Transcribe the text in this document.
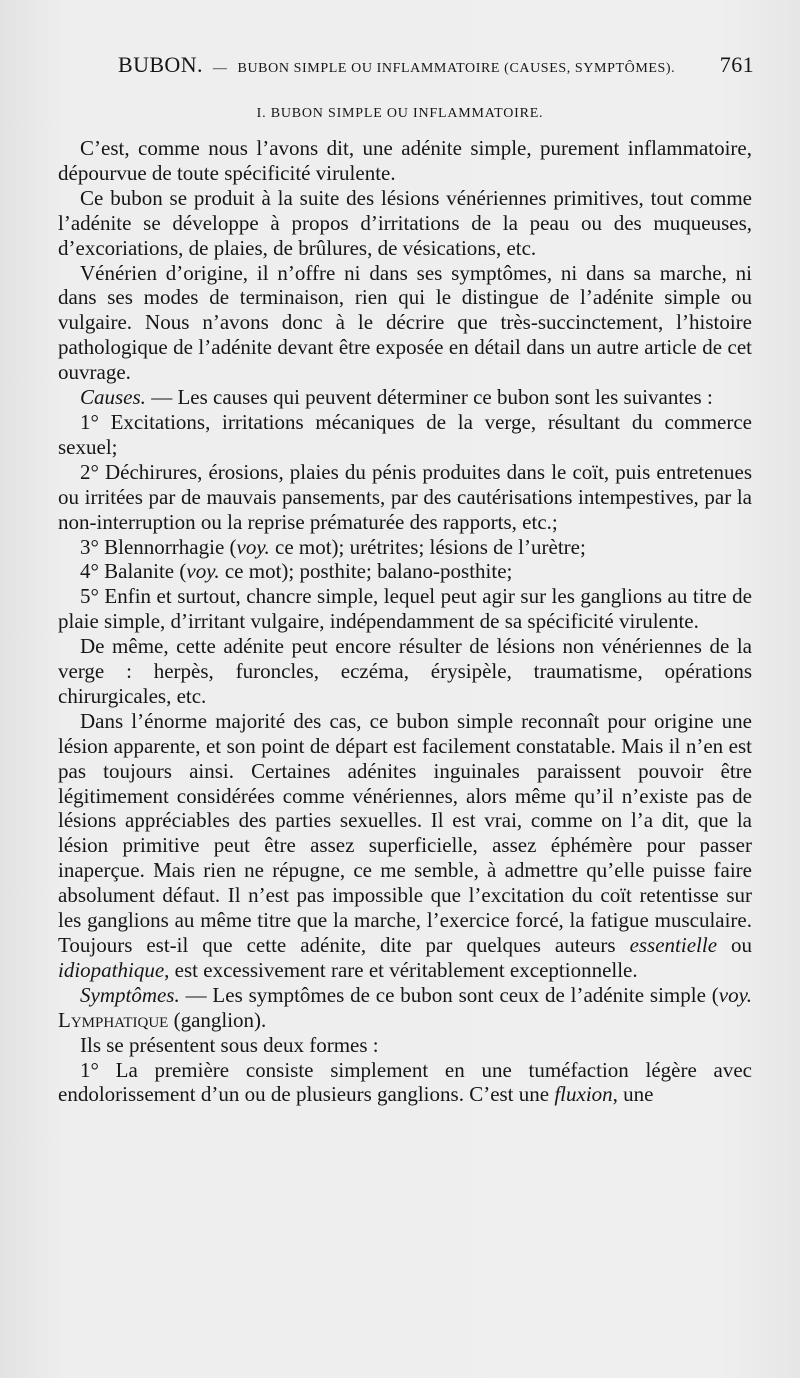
BUBON. — BUBON SIMPLE OU INFLAMMATOIRE (CAUSES, SYMPTÔMES). 761
I. BUBON SIMPLE OU INFLAMMATOIRE.

C’est, comme nous l’avons dit, une adénite simple, purement inflammatoire, dépourvue de toute spécificité virulente.

Ce bubon se produit à la suite des lésions vénériennes primitives, tout comme l’adénite se développe à propos d’irritations de la peau ou des muqueuses, d’excoriations, de plaies, de brûlures, de vésications, etc.

Vénérien d’origine, il n’offre ni dans ses symptômes, ni dans sa marche, ni dans ses modes de terminaison, rien qui le distingue de l’adénite simple ou vulgaire. Nous n’avons donc à le décrire que très-succinctement, l’histoire pathologique de l’adénite devant être exposée en détail dans un autre article de cet ouvrage.

Causes. — Les causes qui peuvent déterminer ce bubon sont les suivantes :

1° Excitations, irritations mécaniques de la verge, résultant du commerce sexuel;

2° Déchirures, érosions, plaies du pénis produites dans le coït, puis entretenues ou irritées par de mauvais pansements, par des cautérisations intempestives, par la non-interruption ou la reprise prématurée des rapports, etc.;

3° Blennorrhagie (voy. ce mot); urétrites; lésions de l’urètre;

4° Balanite (voy. ce mot); posthite; balano-posthite;

5° Enfin et surtout, chancre simple, lequel peut agir sur les ganglions au titre de plaie simple, d’irritant vulgaire, indépendamment de sa spécificité virulente.

De même, cette adénite peut encore résulter de lésions non vénériennes de la verge : herpès, furoncles, eczéma, érysipèle, traumatisme, opérations chirurgicales, etc.

Dans l’énorme majorité des cas, ce bubon simple reconnaît pour origine une lésion apparente, et son point de départ est facilement constatable. Mais il n’en est pas toujours ainsi. Certaines adénites inguinales paraissent pouvoir être légitimement considérées comme vénériennes, alors même qu’il n’existe pas de lésions appréciables des parties sexuelles. Il est vrai, comme on l’a dit, que la lésion primitive peut être assez superficielle, assez éphémère pour passer inaperçue. Mais rien ne répugne, ce me semble, à admettre qu’elle puisse faire absolument défaut. Il n’est pas impossible que l’excitation du coït retentisse sur les ganglions au même titre que la marche, l’exercice forcé, la fatigue musculaire. Toujours est-il que cette adénite, dite par quelques auteurs essentielle ou idiopathique, est excessivement rare et véritablement exceptionnelle.

Symptômes. — Les symptômes de ce bubon sont ceux de l’adénite simple (voy. Lymphatique (ganglion).

Ils se présentent sous deux formes :

1° La première consiste simplement en une tuméfaction légère avec endolorissement d’un ou de plusieurs ganglions. C’est une fluxion, une
